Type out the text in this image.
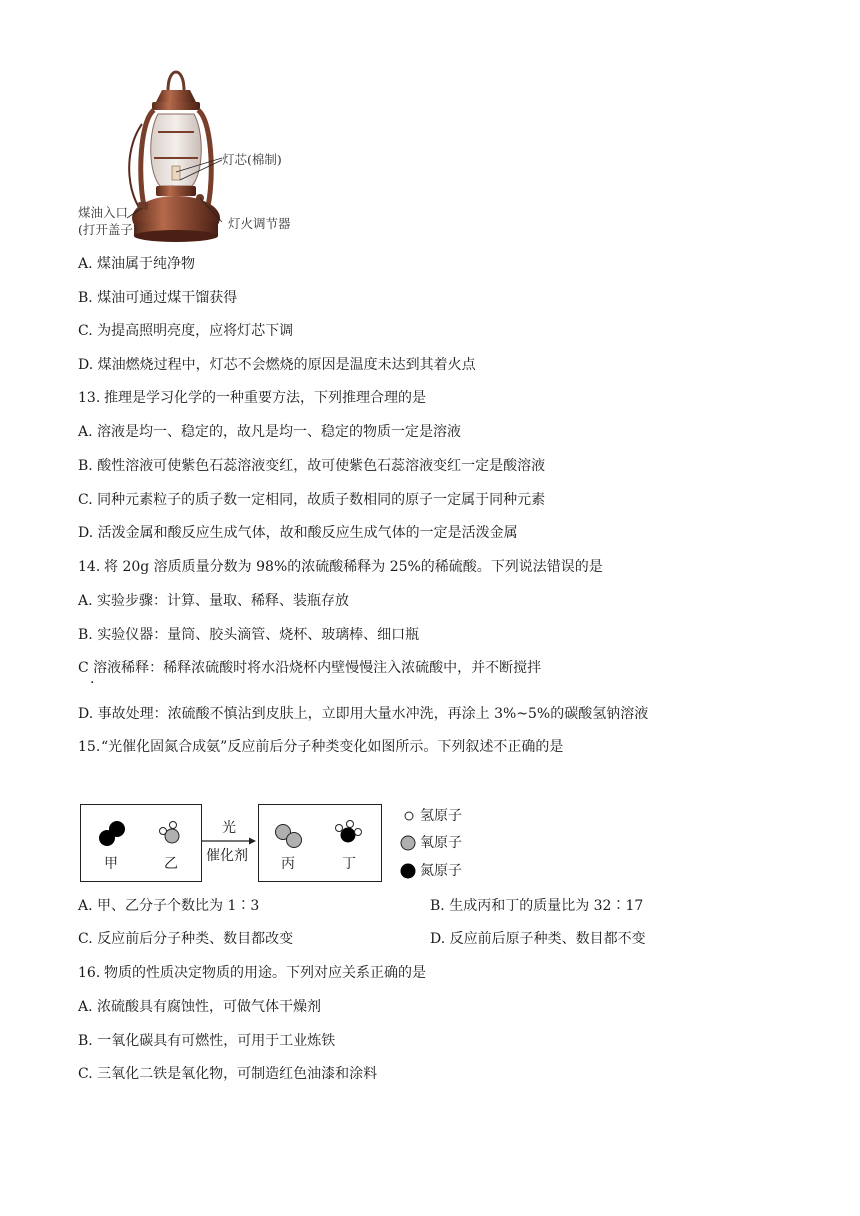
灯芯(棉制)
煤油入口
(打开盖子)	灯火调节器
A. 煤油属于纯净物
B. 煤油可通过煤干馏获得
C. 为提高照明亮度，应将灯芯下调
D. 煤油燃烧过程中，灯芯不会燃烧的原因是温度未达到其着火点
13. 推理是学习化学的一种重要方法，下列推理合理的是
A. 溶液是均一、稳定的，故凡是均一、稳定的物质一定是溶液
B. 酸性溶液可使紫色石蕊溶液变红，故可使紫色石蕊溶液变红一定是酸溶液
C. 同种元素粒子的质子数一定相同，故质子数相同的原子一定属于同种元素
D. 活泼金属和酸反应生成气体，故和酸反应生成气体的一定是活泼金属
14. 将 20g 溶质质量分数为 98%的浓硫酸稀释为 25%的稀硫酸。下列说法错误的是
A. 实验步骤：计算、量取、稀释、装瓶存放
B. 实验仪器：量筒、胶头滴管、烧杯、玻璃棒、细口瓶
C 溶液稀释：稀释浓硫酸时将水沿烧杯内壁慢慢注入浓硫酸中，并不断搅拌
·
D. 事故处理：浓硫酸不慎沾到皮肤上，立即用大量水冲洗，再涂上 3%~5%的碳酸氢钠溶液
15. “光催化固氮合成氨”反应前后分子种类变化如图所示。下列叙述不正确的是
甲	乙
光
催化剂 丙	丁
氢原子
氧原子
氮原子
A. 甲、乙分子个数比为 1∶3	B. 生成丙和丁的质量比为 32∶17
C. 反应前后分子种类、数目都改变	D. 反应前后原子种类、数目都不变
16. 物质的性质决定物质的用途。下列对应关系正确的是
A. 浓硫酸具有腐蚀性，可做气体干燥剂
B. 一氧化碳具有可燃性，可用于工业炼铁
C. 三氧化二铁是氧化物，可制造红色油漆和涂料
